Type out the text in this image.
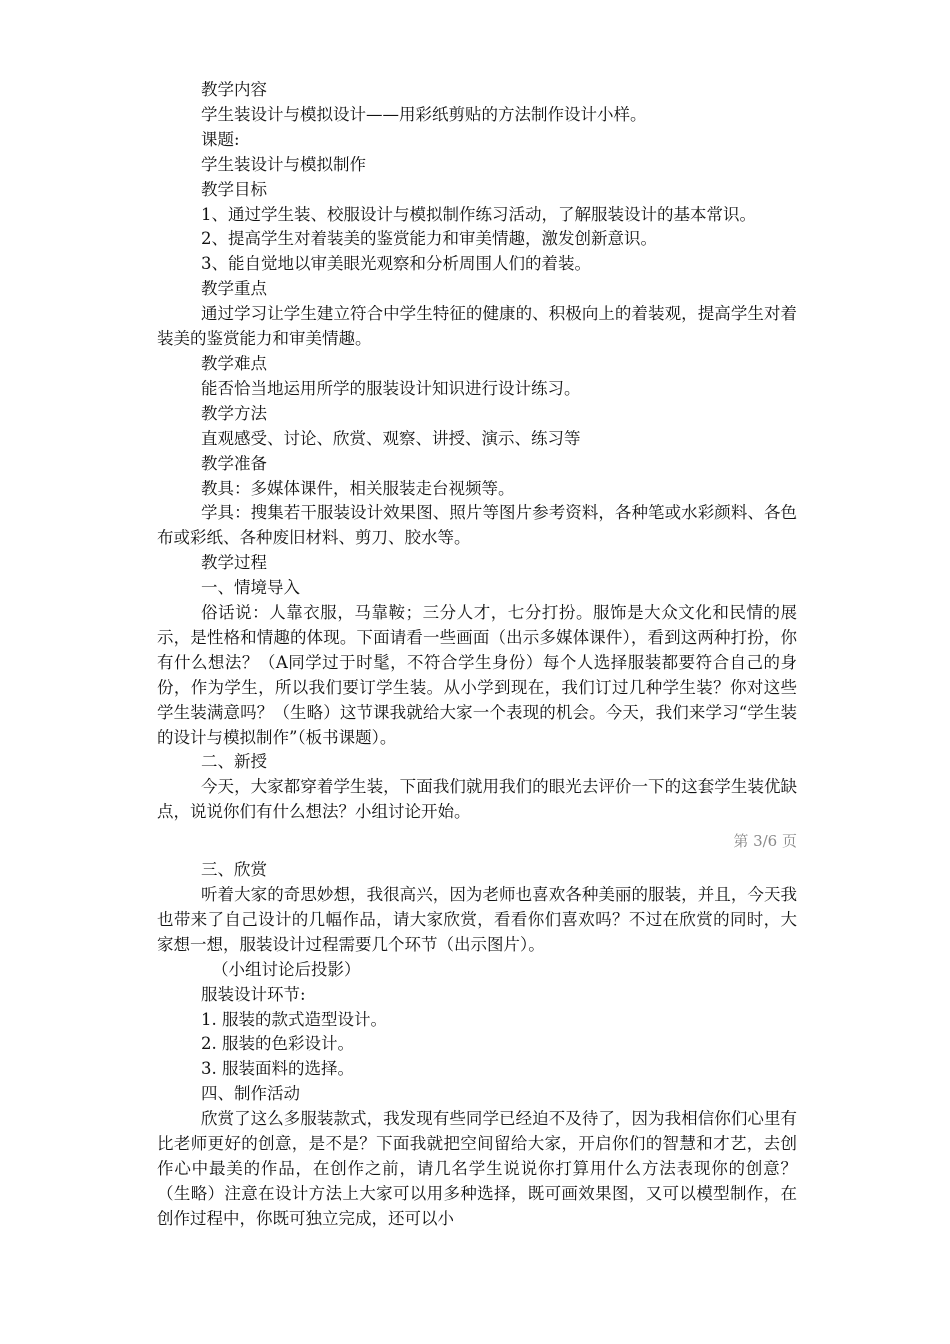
教学内容

学生装设计与模拟设计——用彩纸剪贴的方法制作设计小样。

课题:

学生装设计与模拟制作

教学目标

1、通过学生装、校服设计与模拟制作练习活动，了解服装设计的基本常识。

2、提高学生对着装美的鉴赏能力和审美情趣，激发创新意识。

3、能自觉地以审美眼光观察和分析周围人们的着装。

教学重点

通过学习让学生建立符合中学生特征的健康的、积极向上的着装观，提高学生对着装美的鉴赏能力和审美情趣。

教学难点

能否恰当地运用所学的服装设计知识进行设计练习。

教学方法

直观感受、讨论、欣赏、观察、讲授、演示、练习等

教学准备

教具：多媒体课件，相关服装走台视频等。

学具：搜集若干服装设计效果图、照片等图片参考资料，各种笔或水彩颜料、各色布或彩纸、各种废旧材料、剪刀、胶水等。

教学过程

一、情境导入

俗话说：人靠衣服，马靠鞍；三分人才，七分打扮。服饰是大众文化和民情的展示，是性格和情趣的体现。下面请看一些画面（出示多媒体课件），看到这两种打扮，你有什么想法？（A同学过于时髦，不符合学生身份）每个人选择服装都要符合自己的身份，作为学生，所以我们要订学生装。从小学到现在，我们订过几种学生装？你对这些学生装满意吗？（生略）这节课我就给大家一个表现的机会。今天，我们来学习“学生装的设计与模拟制作”（板书课题）。

二、新授

今天，大家都穿着学生装，下面我们就用我们的眼光去评价一下的这套学生装优缺点，说说你们有什么想法？小组讨论开始。

第 3/6 页

三、欣赏

听着大家的奇思妙想，我很高兴，因为老师也喜欢各种美丽的服装，并且，今天我也带来了自己设计的几幅作品，请大家欣赏，看看你们喜欢吗？不过在欣赏的同时，大家想一想，服装设计过程需要几个环节（出示图片）。

（小组讨论后投影）

服装设计环节:

1. 服装的款式造型设计。

2. 服装的色彩设计。

3. 服装面料的选择。

四、制作活动

欣赏了这么多服装款式，我发现有些同学已经迫不及待了，因为我相信你们心里有比老师更好的创意，是不是？下面我就把空间留给大家，开启你们的智慧和才艺，去创作心中最美的作品，在创作之前，请几名学生说说你打算用什么方法表现你的创意？（生略）注意在设计方法上大家可以用多种选择，既可画效果图，又可以模型制作，在创作过程中，你既可独立完成，还可以小
